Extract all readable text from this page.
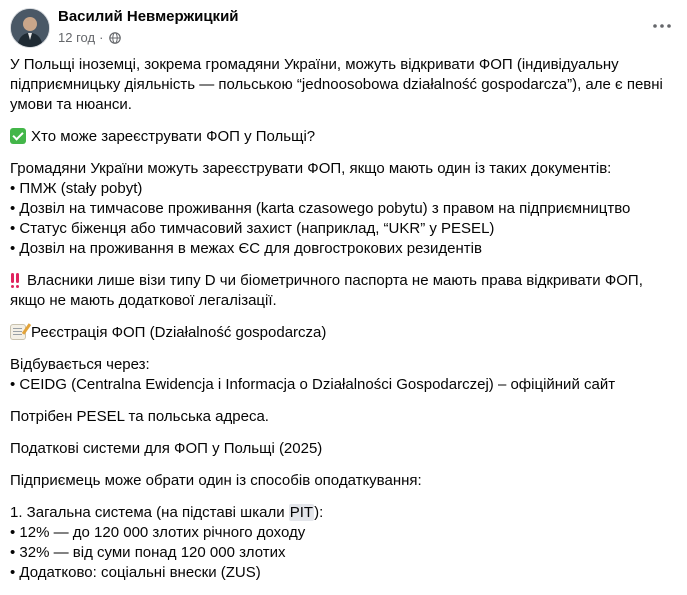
Василий Невмержицкий
12 год ·

У Польщі іноземці, зокрема громадяни України, можуть відкривати ФОП (індивідуальну
підприємницьку діяльність — польською “jednoosobowa działalność gospodarcza”), але є певні
умови та нюанси.

Хто може зареєструвати ФОП у Польщі?

Громадяни України можуть зареєструвати ФОП, якщо мають один із таких документів:
• ПМЖ (stały pobyt)
• Дозвіл на тимчасове проживання (karta czasowego pobytu) з правом на підприємництво
• Статус біженця або тимчасовий захист (наприклад, “UKR” у PESEL)
• Дозвіл на проживання в межах ЄС для довгострокових резидентів

Власники лише візи типу D чи біометричного паспорта не мають права відкривати ФОП,
якщо не мають додаткової легалізації.

Реєстрація ФОП (Działalność gospodarcza)

Відбувається через:
• CEIDG (Centralna Ewidencja i Informacja o Działalności Gospodarczej) – офіційний сайт

Потрібен PESEL та польська адреса.

Податкові системи для ФОП у Польщі (2025)

Підприємець може обрати один із способів оподаткування:

1. Загальна система (на підставі шкали PIT):
• 12% — до 120 000 злотих річного доходу
• 32% — від суми понад 120 000 злотих
• Додатково: соціальні внески (ZUS)
